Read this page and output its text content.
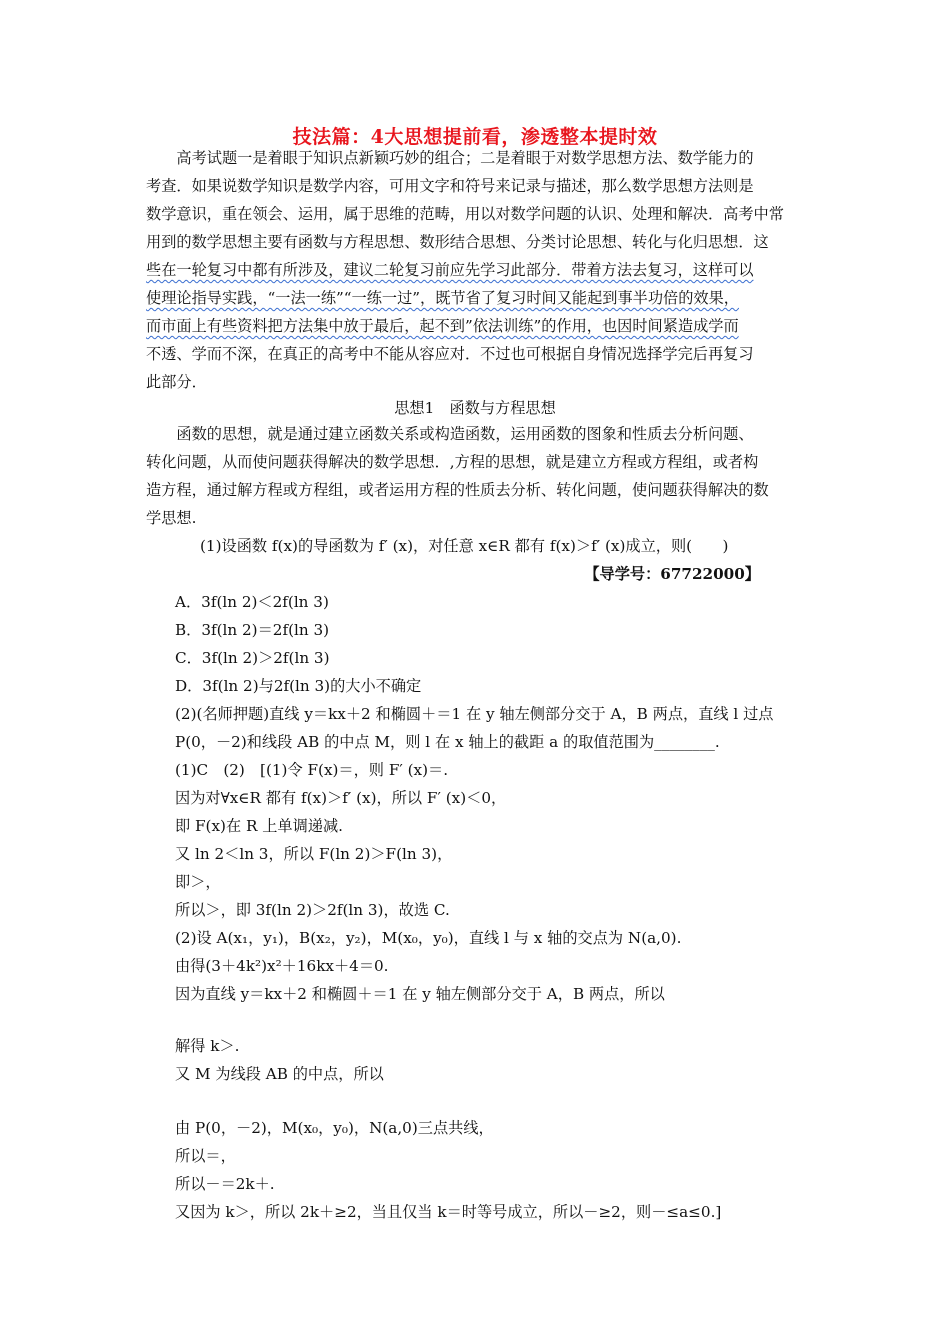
技法篇：4大思想提前看，渗透整本提时效
　　高考试题一是着眼于知识点新颖巧妙的组合；二是着眼于对数学思想方法、数学能力的
考查．如果说数学知识是数学内容，可用文字和符号来记录与描述，那么数学思想方法则是
数学意识，重在领会、运用，属于思维的范畴，用以对数学问题的认识、处理和解决．高考中常
用到的数学思想主要有函数与方程思想、数形结合思想、分类讨论思想、转化与化归思想．这
些在一轮复习中都有所涉及，建议二轮复习前应先学习此部分．带着方法去复习，这样可以
使理论指导实践，“一法一练”“一练一过”，既节省了复习时间又能起到事半功倍的效果，
而市面上有些资料把方法集中放于最后，起不到”依法训练”的作用，也因时间紧造成学而
不透、学而不深，在真正的高考中不能从容应对．不过也可根据自身情况选择学完后再复习
此部分．
思想1　函数与方程思想
　　函数的思想，就是通过建立函数关系或构造函数，运用函数的图象和性质去分析问题、
转化问题，从而使问题获得解决的数学思想．,方程的思想，就是建立方程或方程组，或者构
造方程，通过解方程或方程组，或者运用方程的性质去分析、转化问题，使问题获得解决的数
学思想.
(1)设函数 f(x)的导函数为 f′ (x)，对任意 x∈R 都有 f(x)＞f′ (x)成立，则(　　)
【导学号：67722000】
A．3f(ln 2)＜2f(ln 3)
B．3f(ln 2)＝2f(ln 3)
C．3f(ln 2)＞2f(ln 3)
D．3f(ln 2)与2f(ln 3)的大小不确定
(2)(名师押题)直线 y＝kx＋2 和椭圆＋＝1 在 y 轴左侧部分交于 A，B 两点，直线 l 过点
P(0，－2)和线段 AB 的中点 M，则 l 在 x 轴上的截距 a 的取值范围为________.
(1)C　(2)　[(1)令 F(x)＝，则 F′ (x)＝.
因为对∀x∈R 都有 f(x)＞f′ (x)，所以 F′ (x)＜0，
即 F(x)在 R 上单调递减.
又 ln 2＜ln 3，所以 F(ln 2)＞F(ln 3)，
即＞，
所以＞，即 3f(ln 2)＞2f(ln 3)，故选 C.
(2)设 A(x₁，y₁)，B(x₂，y₂)，M(x₀，y₀)，直线 l 与 x 轴的交点为 N(a,0).
由得(3＋4k²)x²＋16kx＋4＝0.
因为直线 y＝kx＋2 和椭圆＋＝1 在 y 轴左侧部分交于 A，B 两点，所以
解得 k＞.
又 M 为线段 AB 的中点，所以
由 P(0，－2)，M(x₀，y₀)，N(a,0)三点共线，
所以＝，
所以－＝2k＋.
又因为 k＞，所以 2k＋≥2，当且仅当 k＝时等号成立，所以－≥2，则－≤a≤0.]
